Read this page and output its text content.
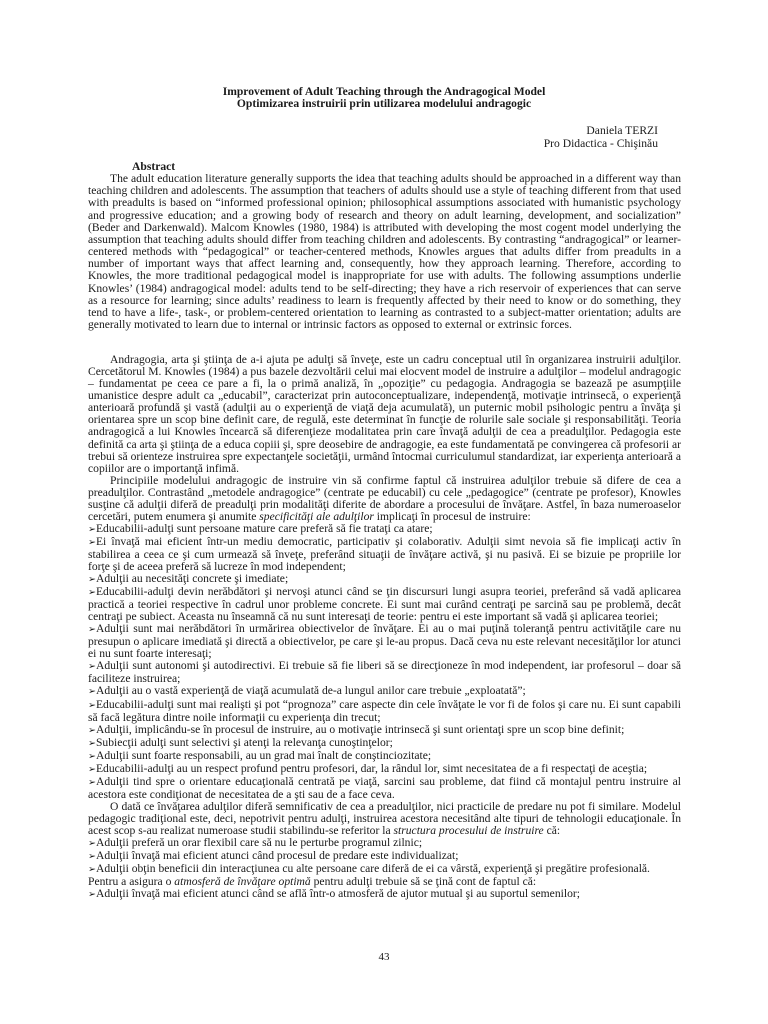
Improvement of Adult Teaching through the Andragogical Model
Optimizarea instruirii prin utilizarea modelului andragogic
Daniela TERZI
Pro Didactica - Chişinău

Abstract

The adult education literature generally supports the idea that teaching adults should be approached in a different way than teaching children and adolescents. The assumption that teachers of adults should use a style of teaching different from that used with preadults is based on “informed professional opinion; philosophical assumptions associated with humanistic psychology and progressive education; and a growing body of research and theory on adult learning, development, and socialization” (Beder and Darkenwald). Malcom Knowles (1980, 1984) is attributed with developing the most cogent model underlying the assumption that teaching adults should differ from teaching children and adolescents. By contrasting “andragogical” or learner-centered methods with “pedagogical” or teacher-centered methods, Knowles argues that adults differ from preadults in a number of important ways that affect learning and, consequently, how they approach learning. Therefore, according to Knowles, the more traditional pedagogical model is inappropriate for use with adults. The following assumptions underlie Knowles’ (1984) andragogical model: adults tend to be self-directing; they have a rich reservoir of experiences that can serve as a resource for learning; since adults’ readiness to learn is frequently affected by their need to know or do something, they tend to have a life-, task-, or problem-centered orientation to learning as contrasted to a subject-matter orientation; adults are generally motivated to learn due to internal or intrinsic factors as opposed to external or extrinsic forces.

Andragogia, arta şi ştiinţa de a-i ajuta pe adulţi să înveţe, este un cadru conceptual util în organizarea instruirii adulţilor. Cercetătorul M. Knowles (1984) a pus bazele dezvoltării celui mai elocvent model de instruire a adulţilor – modelul andragogic – fundamentat pe ceea ce pare a fi, la o primă analiză, în „opoziţie” cu pedagogia. Andragogia se bazează pe asumpţiile umanistice despre adult ca „educabil”, caracterizat prin autoconceptualizare, independenţă, motivaţie intrinsecă, o experienţă anterioară profundă şi vastă (adulţii au o experienţă de viaţă deja acumulată), un puternic mobil psihologic pentru a învăţa şi orientarea spre un scop bine definit care, de regulă, este determinat în funcţie de rolurile sale sociale şi responsabilităţi. Teoria andragogică a lui Knowles încearcă să diferenţieze modalitatea prin care învaţă adulţii de cea a preadulţilor. Pedagogia este definită ca arta şi ştiinţa de a educa copiii şi, spre deosebire de andragogie, ea este fundamentată pe convingerea că profesorii ar trebui să orienteze instruirea spre expectanţele societăţii, urmând întocmai curriculumul standardizat, iar experienţa anterioară a copiilor are o importanţă infimă.

Principiile modelului andragogic de instruire vin să confirme faptul că instruirea adulţilor trebuie să difere de cea a preadulţilor. Contrastând „metodele andragogice” (centrate pe educabil) cu cele „pedagogice” (centrate pe profesor), Knowles susţine că adulţii diferă de preadulţi prin modalităţi diferite de abordare a procesului de învăţare. Astfel, în baza numeroaselor cercetări, putem enumera şi anumite specificităţi ale adulţilor implicaţi în procesul de instruire:

➢Educabilii-adulţi sunt persoane mature care preferă să fie trataţi ca atare;

➢Ei învaţă mai eficient într-un mediu democratic, participativ şi colaborativ. Adulţii simt nevoia să fie implicaţi activ în stabilirea a ceea ce şi cum urmează să înveţe, preferând situaţii de învăţare activă, şi nu pasivă. Ei se bizuie pe propriile lor forţe şi de aceea preferă să lucreze în mod independent;

➢Adulţii au necesităţi concrete şi imediate;

➢Educabilii-adulţi devin nerăbdători şi nervoşi atunci când se ţin discursuri lungi asupra teoriei, preferând să vadă aplicarea practică a teoriei respective în cadrul unor probleme concrete. Ei sunt mai curând centraţi pe sarcină sau pe problemă, decât centraţi pe subiect. Aceasta nu înseamnă că nu sunt interesaţi de teorie: pentru ei este important să vadă şi aplicarea teoriei;

➢Adulţii sunt mai nerăbdători în urmărirea obiectivelor de învăţare. Ei au o mai puţină toleranţă pentru activităţile care nu presupun o aplicare imediată şi directă a obiectivelor, pe care şi le-au propus. Dacă ceva nu este relevant necesităţilor lor atunci ei nu sunt foarte interesaţi;

➢Adulţii sunt autonomi şi autodirectivi. Ei trebuie să fie liberi să se direcţioneze în mod independent, iar profesorul – doar să faciliteze instruirea;

➢Adulţii au o vastă experienţă de viaţă acumulată de-a lungul anilor care trebuie „exploatată”;

➢Educabilii-adulţi sunt mai realişti şi pot “prognoza” care aspecte din cele învăţate le vor fi de folos şi care nu. Ei sunt capabili să facă legătura dintre noile informaţii cu experienţa din trecut;

➢Adulţii, implicându-se în procesul de instruire, au o motivaţie intrinsecă şi sunt orientaţi spre un scop bine definit;

➢Subiecţii adulţi sunt selectivi şi atenţi la relevanţa cunoştinţelor;

➢Adulţii sunt foarte responsabili, au un grad mai înalt de conştinciozitate;

➢Educabilii-adulţi au un respect profund pentru profesori, dar, la rândul lor, simt necesitatea de a fi respectaţi de aceştia;

➢Adulţii tind spre o orientare educaţională centrată pe viaţă, sarcini sau probleme, dat fiind că montajul pentru instruire al acestora este condiţionat de necesitatea de a şti sau de a face ceva.

O dată ce învăţarea adulţilor diferă semnificativ de cea a preadulţilor, nici practicile de predare nu pot fi similare. Modelul pedagogic tradiţional este, deci, nepotrivit pentru adulţi, instruirea acestora necesitând alte tipuri de tehnologii educaţionale. În acest scop s-au realizat numeroase studii stabilindu-se referitor la structura procesului de instruire că:

➢Adulţii preferă un orar flexibil care să nu le perturbe programul zilnic;

➢Adulţii învaţă mai eficient atunci când procesul de predare este individualizat;

➢Adulţii obţin beneficii din interacţiunea cu alte persoane care diferă de ei ca vârstă, experienţă şi pregătire profesională.

Pentru a asigura o atmosferă de învăţare optimă pentru adulţi trebuie să se ţină cont de faptul că:

➢Adulţii învaţă mai eficient atunci când se află într-o atmosferă de ajutor mutual şi au suportul semenilor;

43
